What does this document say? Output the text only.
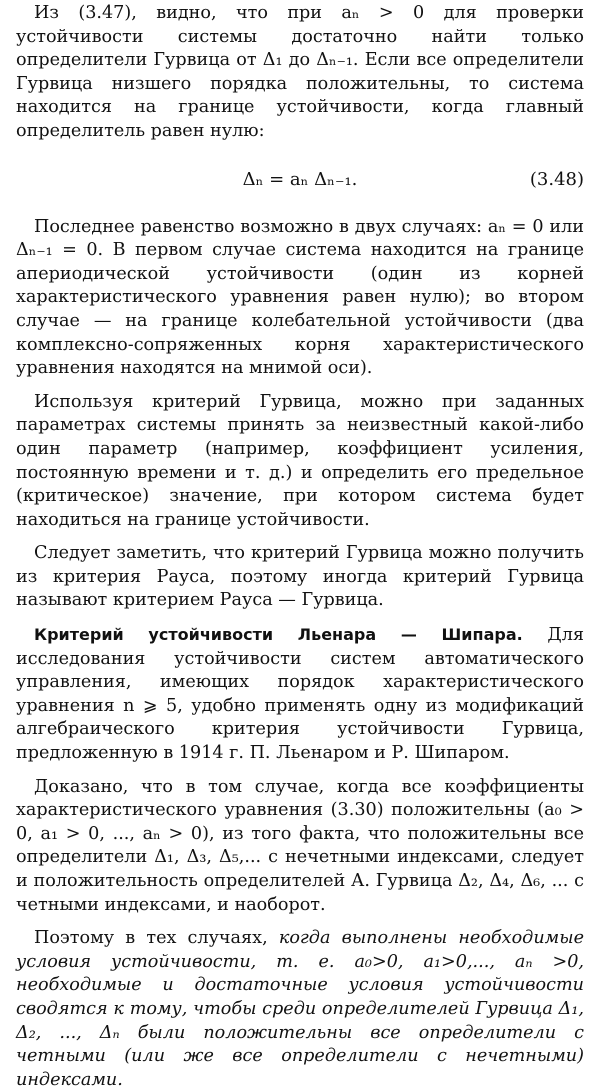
Из (3.47), видно, что при aₙ > 0 для проверки устойчивости системы достаточно найти только определители Гурвица от Δ₁ до Δₙ₋₁. Если все определители Гурвица низшего порядка положительны, то система находится на границе устойчивости, когда главный определитель равен нулю:

Δₙ = aₙ Δₙ₋₁.	(3.48)

Последнее равенство возможно в двух случаях: aₙ = 0 или Δₙ₋₁ = 0. В первом случае система находится на границе апериодической устойчивости (один из корней характеристического уравнения равен нулю); во втором случае — на границе колебательной устойчивости (два комплексно-сопряженных корня характеристического уравнения находятся на мнимой оси).

Используя критерий Гурвица, можно при заданных параметрах системы принять за неизвестный какой-либо один параметр (например, коэффициент усиления, постоянную времени и т. д.) и определить его предельное (критическое) значение, при котором система будет находиться на границе устойчивости.

Следует заметить, что критерий Гурвица можно получить из критерия Рауса, поэтому иногда критерий Гурвица называют критерием Рауса — Гурвица.

Критерий устойчивости Льенара — Шипара. Для исследования устойчивости систем автоматического управления, имеющих порядок характеристического уравнения n ⩾ 5, удобно применять одну из модификаций алгебраического критерия устойчивости Гурвица, предложенную в 1914 г. П. Льенаром и Р. Шипаром.

Доказано, что в том случае, когда все коэффициенты характеристического уравнения (3.30) положительны (a₀ > 0, a₁ > 0, ..., aₙ > 0), из того факта, что положительны все определители Δ₁, Δ₃, Δ₅,... с нечетными индексами, следует и положительность определителей А. Гурвица Δ₂, Δ₄, Δ₆, ... с четными индексами, и наоборот.

Поэтому в тех случаях, когда выполнены необходимые условия устойчивости, т. е. a₀>0, a₁>0,..., aₙ >0, необходимые и достаточные условия устойчивости сводятся к тому, чтобы среди определителей Гурвица Δ₁, Δ₂, ..., Δₙ были положительны все определители с четными (или же все определители с нечетными) индексами.
